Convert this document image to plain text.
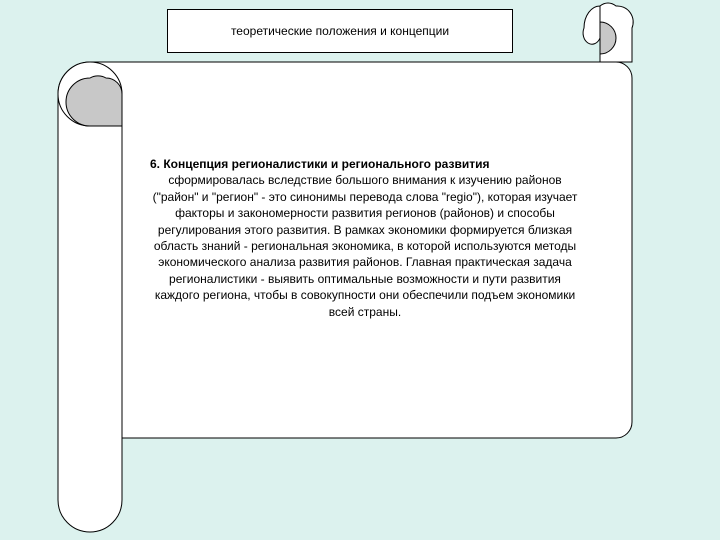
теоретические положения и концепции
6. Концепция регионалистики и регионального развития
сформировалась вследствие большого внимания к изучению районов ("район" и "регион" - это синонимы перевода слова "regio"), которая изучает факторы и закономерности развития регионов (районов) и способы регулирования этого развития. В рамках экономики формируется близкая область знаний - региональная экономика, в которой используются методы экономического анализа развития районов. Главная практическая задача регионалистики - выявить оптимальные возможности и пути развития каждого региона, чтобы в совокупности они обеспечили подъем экономики всей страны.
